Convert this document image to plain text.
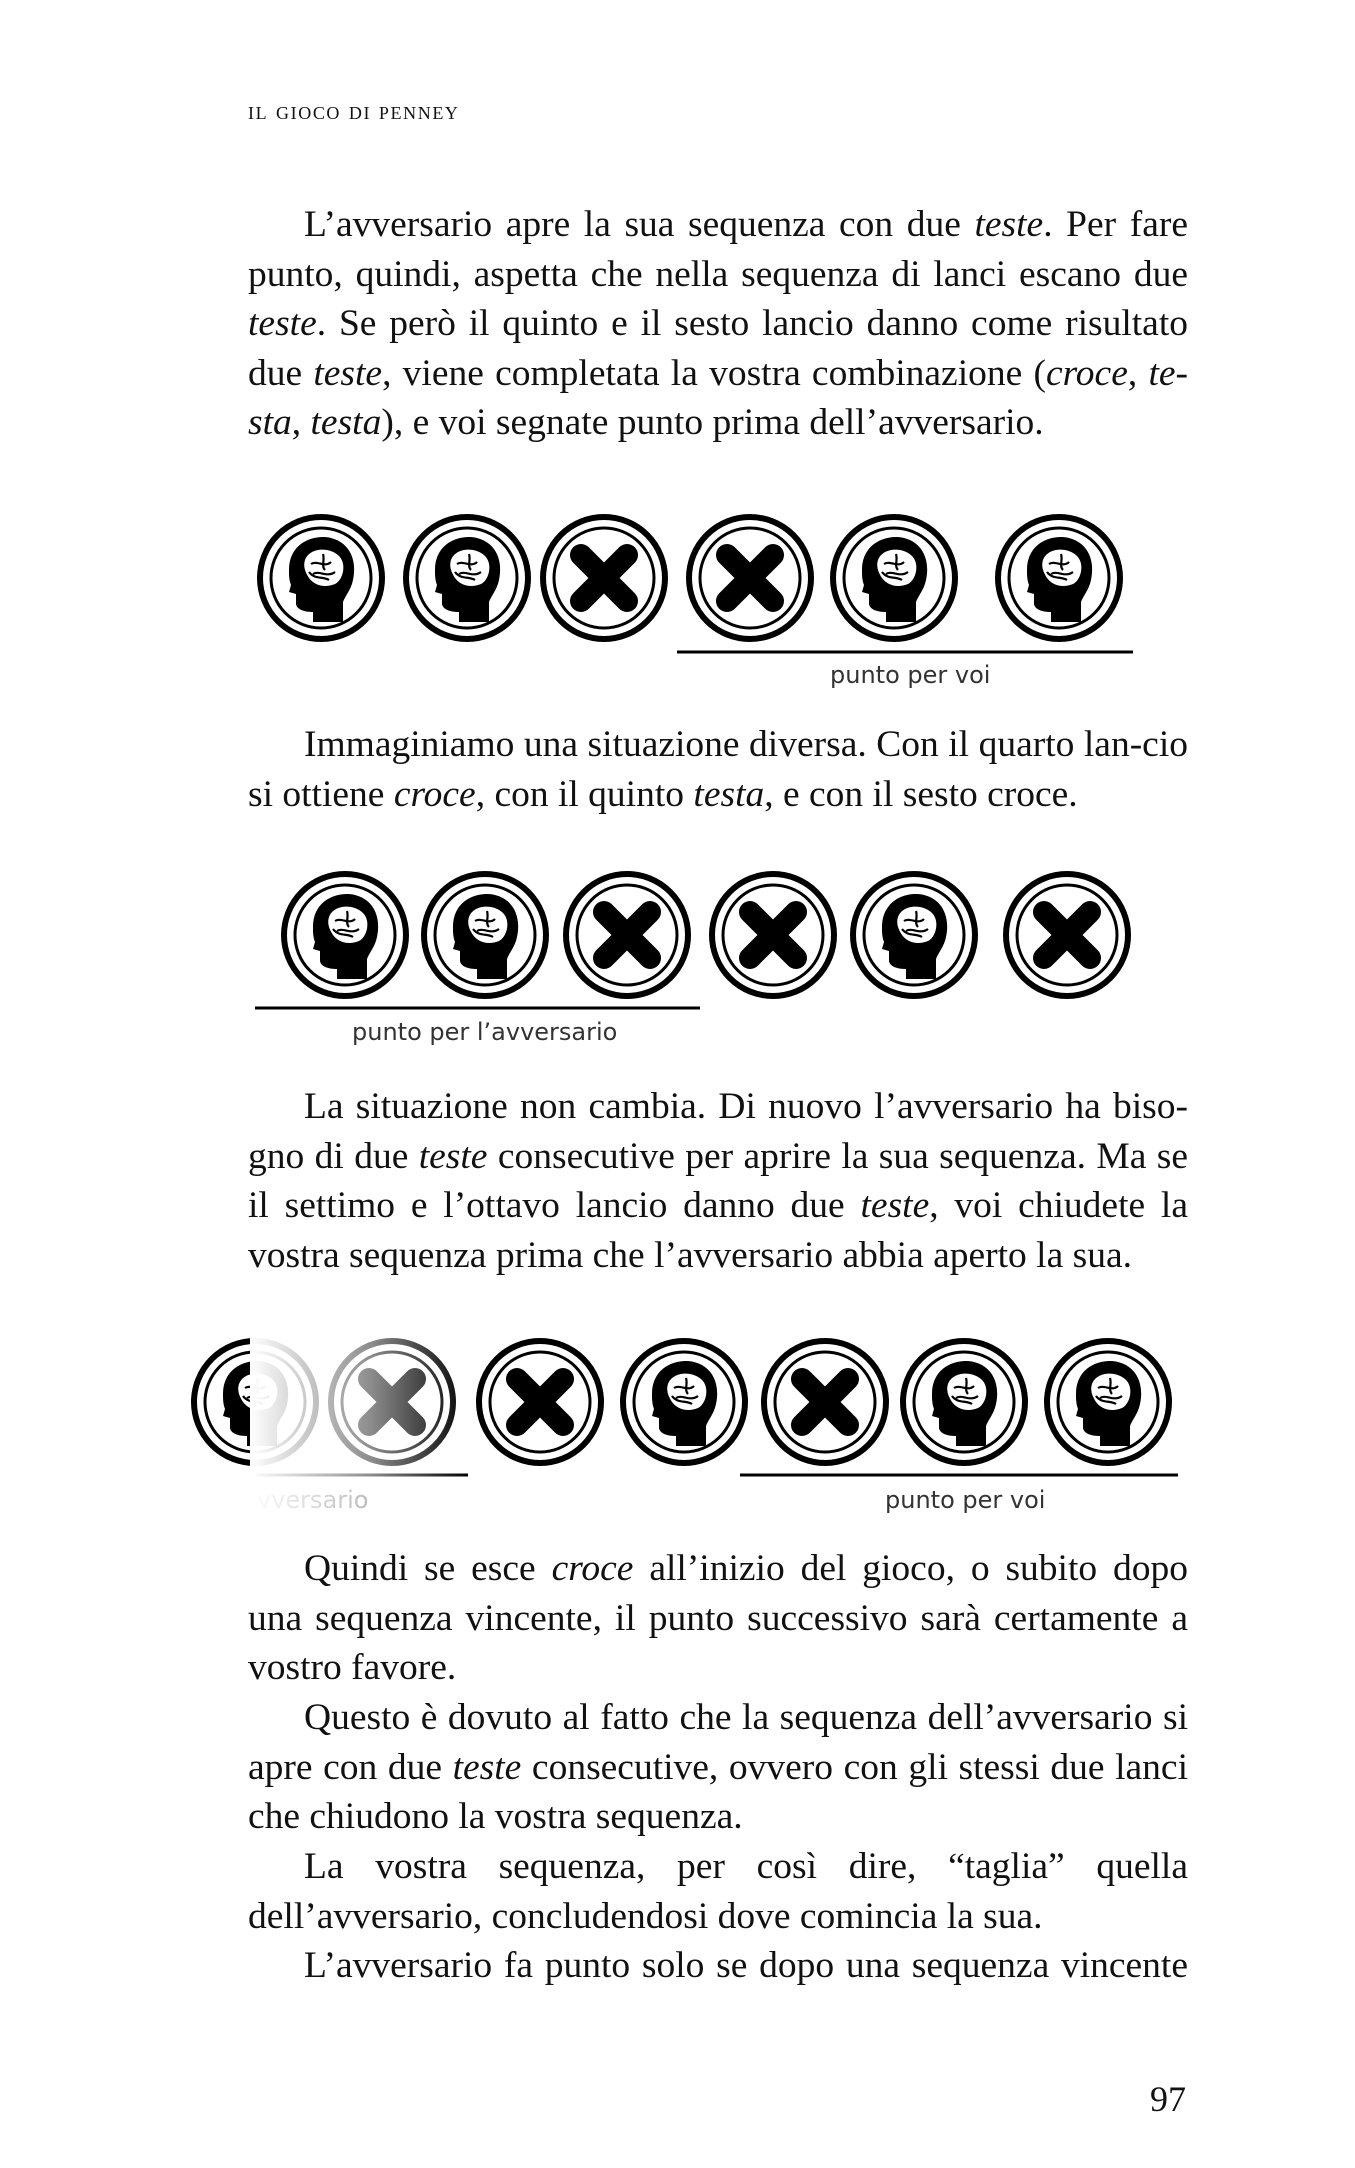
il gioco di penney

L’avversario apre la sua sequenza con due teste. Per fare punto, quindi, aspetta che nella sequenza di lanci escano due teste. Se però il quinto e il sesto lancio danno come risultato due teste, viene completata la vostra combinazione (croce, te-sta, testa), e voi segnate punto prima dell’avversario.

punto per voi

Immaginiamo una situazione diversa. Con il quarto lan-cio si ottiene croce, con il quinto testa, e con il sesto croce.

punto per l’avversario

La situazione non cambia. Di nuovo l’avversario ha biso-gno di due teste consecutive per aprire la sua sequenza. Ma se il settimo e l’ottavo lancio danno due teste, voi chiudete la vostra sequenza prima che l’avversario abbia aperto la sua.

punto per voi

Quindi se esce croce all’inizio del gioco, o subito dopo una sequenza vincente, il punto successivo sarà certamente a vostro favore.

Questo è dovuto al fatto che la sequenza dell’avversario si apre con due teste consecutive, ovvero con gli stessi due lanci che chiudono la vostra sequenza.

La vostra sequenza, per così dire, “taglia” quella dell’avversario, concludendosi dove comincia la sua.

L’avversario fa punto solo se dopo una sequenza vincente

97
